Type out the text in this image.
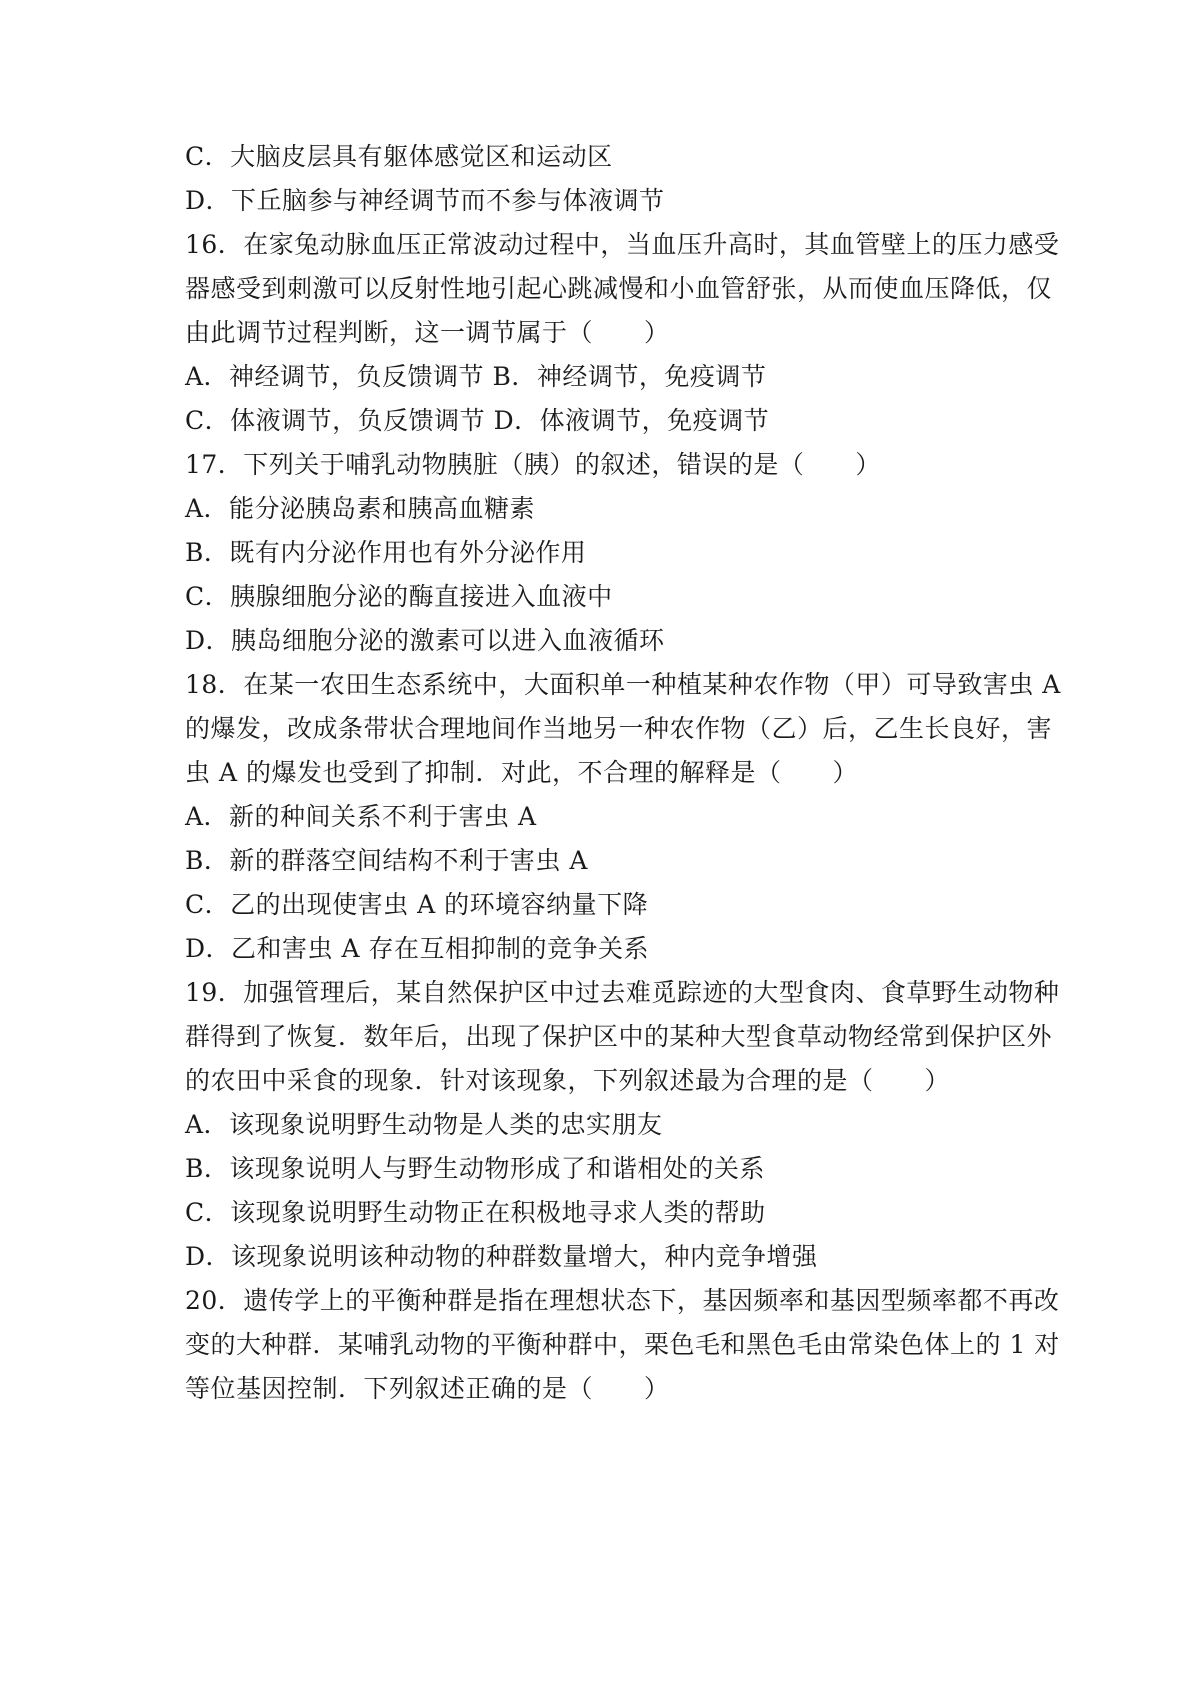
C．大脑皮层具有躯体感觉区和运动区
D．下丘脑参与神经调节而不参与体液调节
16．在家兔动脉血压正常波动过程中，当血压升高时，其血管壁上的压力感受
器感受到刺激可以反射性地引起心跳减慢和小血管舒张，从而使血压降低，仅
由此调节过程判断，这一调节属于（　　）
A．神经调节，负反馈调节 B．神经调节，免疫调节
C．体液调节，负反馈调节 D．体液调节，免疫调节
17．下列关于哺乳动物胰脏（胰）的叙述，错误的是（　　）
A．能分泌胰岛素和胰高血糖素
B．既有内分泌作用也有外分泌作用
C．胰腺细胞分泌的酶直接进入血液中
D．胰岛细胞分泌的激素可以进入血液循环
18．在某一农田生态系统中，大面积单一种植某种农作物（甲）可导致害虫 A
的爆发，改成条带状合理地间作当地另一种农作物（乙）后，乙生长良好，害
虫 A 的爆发也受到了抑制．对此，不合理的解释是（　　）
A．新的种间关系不利于害虫 A
B．新的群落空间结构不利于害虫 A
C．乙的出现使害虫 A 的环境容纳量下降
D．乙和害虫 A 存在互相抑制的竞争关系
19．加强管理后，某自然保护区中过去难觅踪迹的大型食肉、食草野生动物种
群得到了恢复．数年后，出现了保护区中的某种大型食草动物经常到保护区外
的农田中采食的现象．针对该现象，下列叙述最为合理的是（　　）
A．该现象说明野生动物是人类的忠实朋友
B．该现象说明人与野生动物形成了和谐相处的关系
C．该现象说明野生动物正在积极地寻求人类的帮助
D．该现象说明该种动物的种群数量增大，种内竞争增强
20．遗传学上的平衡种群是指在理想状态下，基因频率和基因型频率都不再改
变的大种群．某哺乳动物的平衡种群中，栗色毛和黑色毛由常染色体上的 1 对
等位基因控制．下列叙述正确的是（　　）
